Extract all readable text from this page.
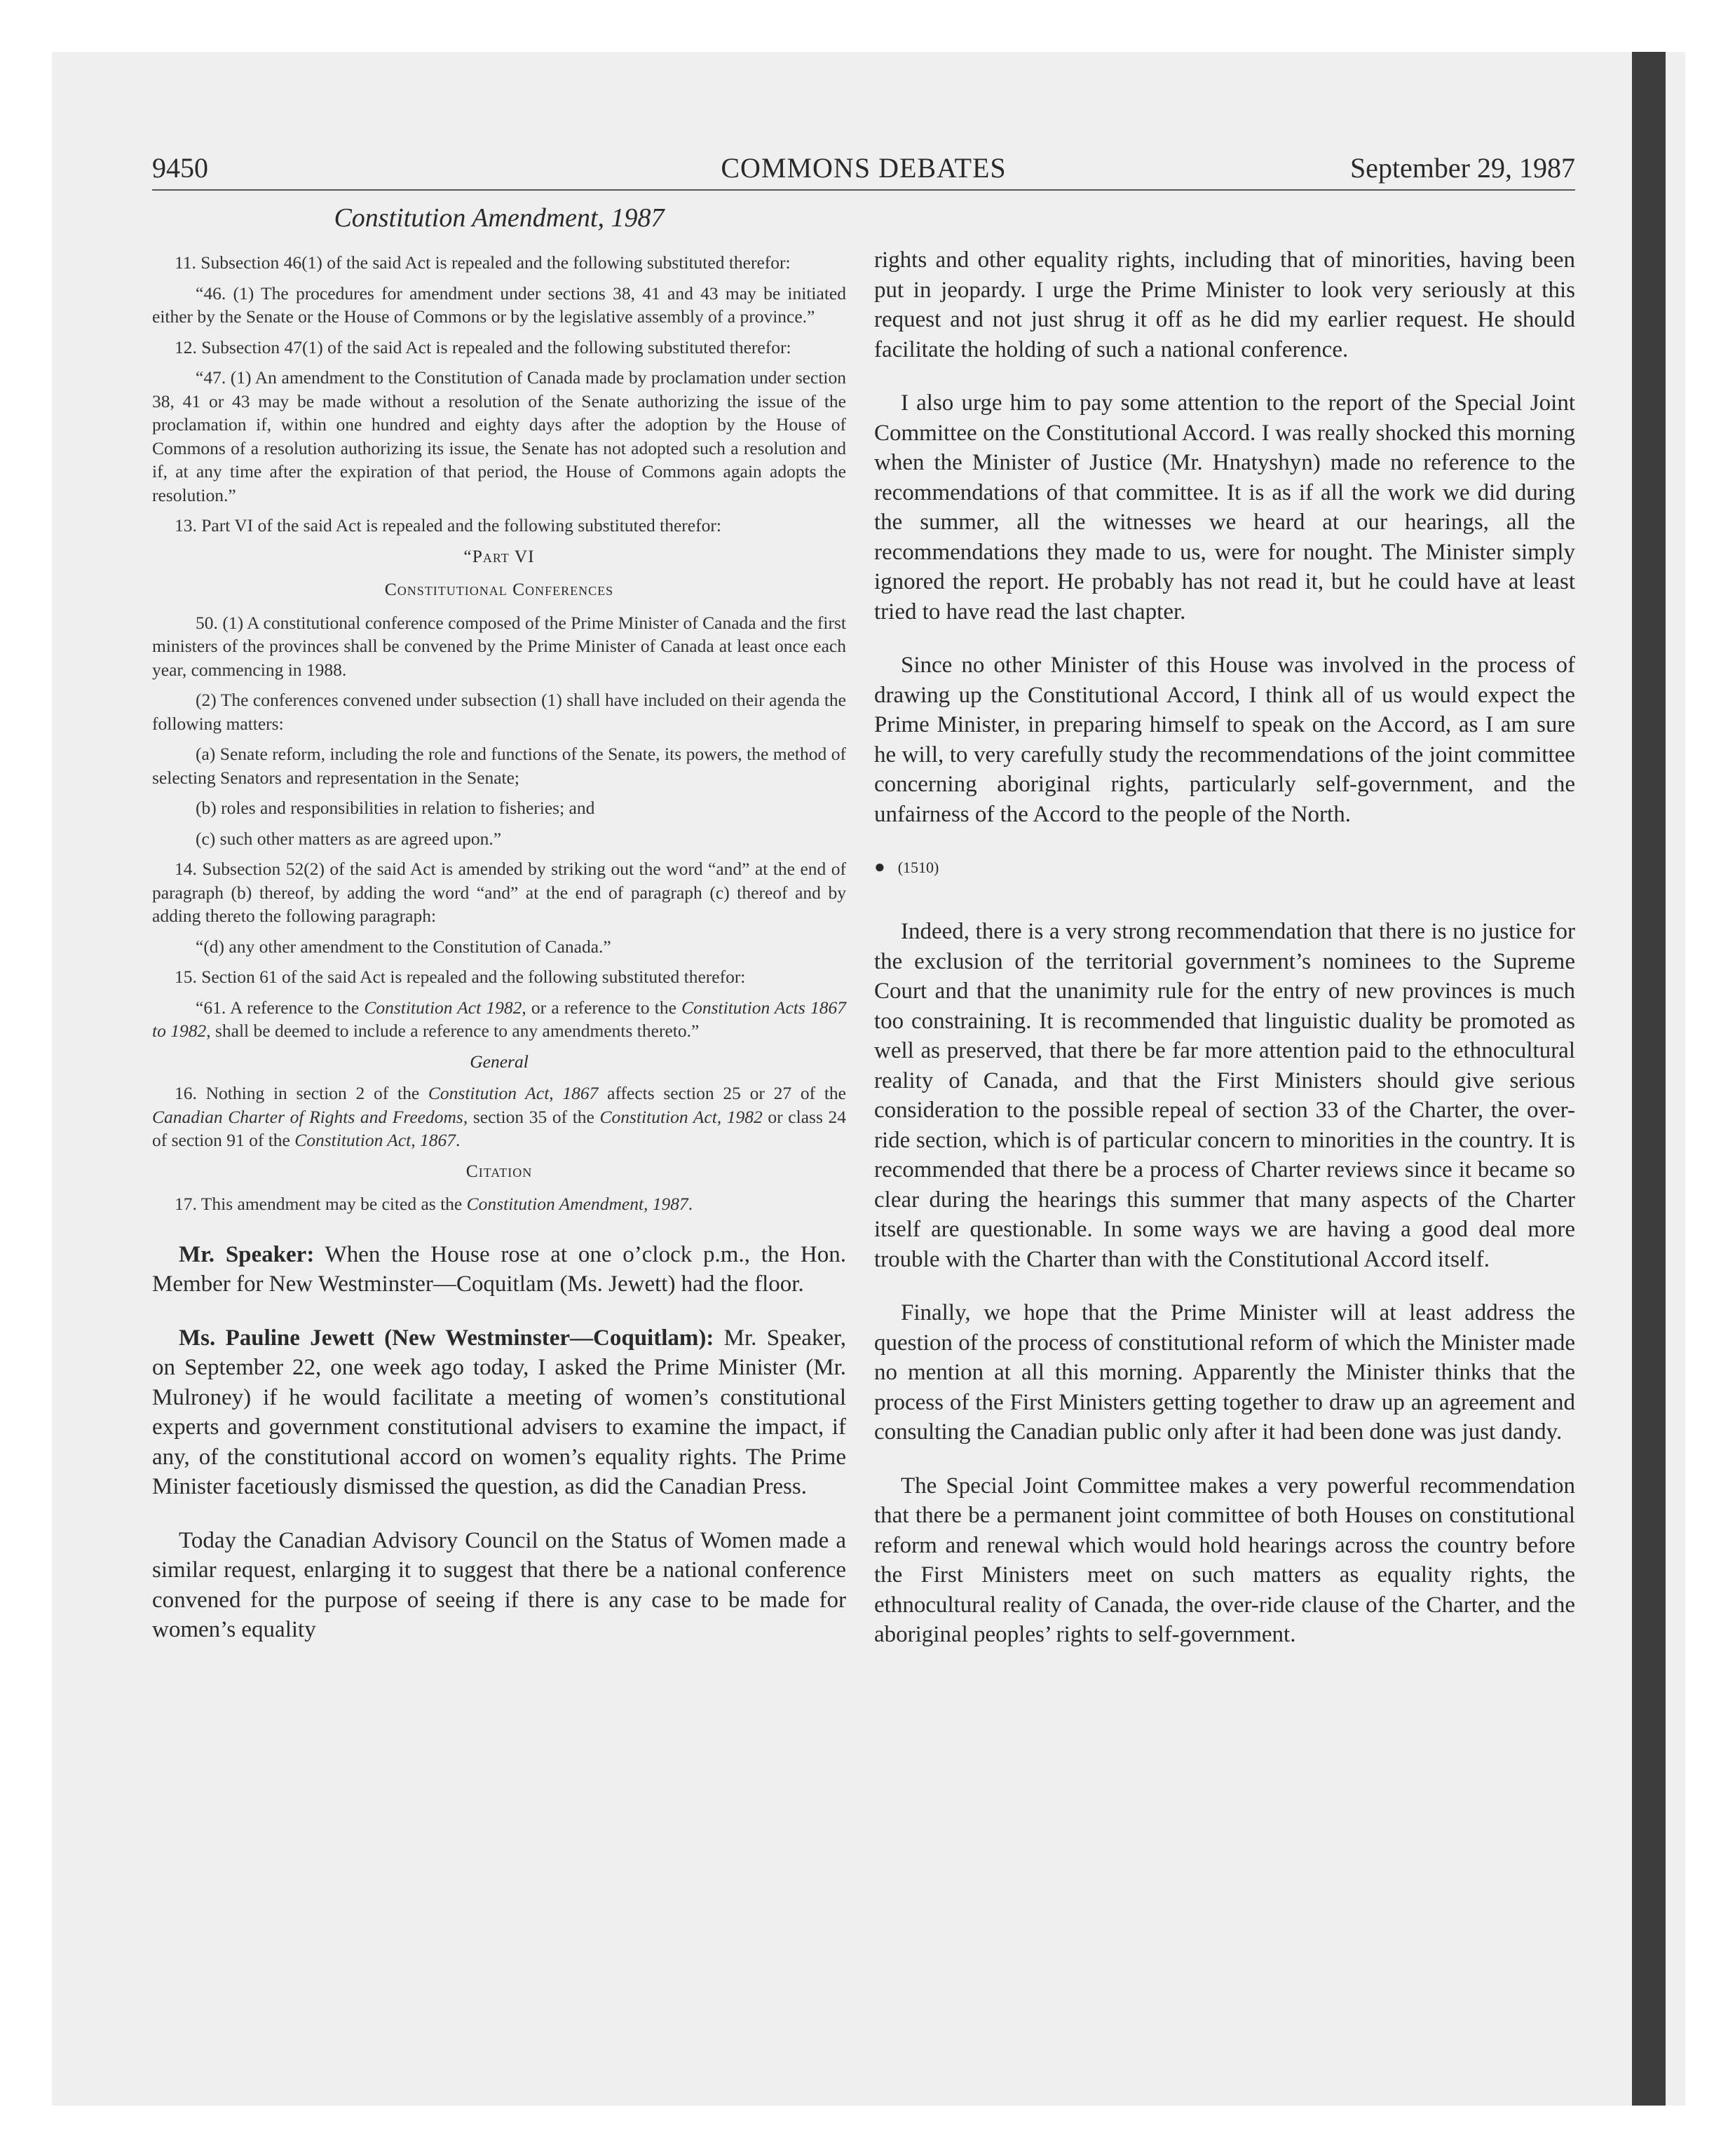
COMMONS DEBATES
9450	September 29, 1987

Constitution Amendment, 1987

11. Subsection 46(1) of the said Act is repealed and the following substituted therefor:

“46. (1) The procedures for amendment under sections 38, 41 and 43 may be initiated either by the Senate or the House of Commons or by the legislative assembly of a province.”

12. Subsection 47(1) of the said Act is repealed and the following substituted therefor:

“47. (1) An amendment to the Constitution of Canada made by proclamation under section 38, 41 or 43 may be made without a resolution of the Senate authorizing the issue of the proclamation if, within one hundred and eighty days after the adoption by the House of Commons of a resolution authorizing its issue, the Senate has not adopted such a resolution and if, at any time after the expiration of that period, the House of Commons again adopts the resolution.”

13. Part VI of the said Act is repealed and the following substituted therefor:

“Part VI

Constitutional Conferences

50. (1) A constitutional conference composed of the Prime Minister of Canada and the first ministers of the provinces shall be convened by the Prime Minister of Canada at least once each year, commencing in 1988.

(2) The conferences convened under subsection (1) shall have included on their agenda the following matters:

(a) Senate reform, including the role and functions of the Senate, its powers, the method of selecting Senators and representation in the Senate;

(b) roles and responsibilities in relation to fisheries; and

(c) such other matters as are agreed upon.”

14. Subsection 52(2) of the said Act is amended by striking out the word “and” at the end of paragraph (b) thereof, by adding the word “and” at the end of paragraph (c) thereof and by adding thereto the following paragraph:

“(d) any other amendment to the Constitution of Canada.”

15. Section 61 of the said Act is repealed and the following substituted therefor:

“61. A reference to the Constitution Act 1982, or a reference to the Constitution Acts 1867 to 1982, shall be deemed to include a reference to any amendments thereto.”

General

16. Nothing in section 2 of the Constitution Act, 1867 affects section 25 or 27 of the Canadian Charter of Rights and Freedoms, section 35 of the Constitution Act, 1982 or class 24 of section 91 of the Constitution Act, 1867.

Citation

17. This amendment may be cited as the Constitution Amendment, 1987.

Mr. Speaker: When the House rose at one o’clock p.m., the Hon. Member for New Westminster—Coquitlam (Ms. Jewett) had the floor.

Ms. Pauline Jewett (New Westminster—Coquitlam): Mr. Speaker, on September 22, one week ago today, I asked the Prime Minister (Mr. Mulroney) if he would facilitate a meeting of women’s constitutional experts and government constitutional advisers to examine the impact, if any, of the constitutional accord on women’s equality rights. The Prime Minister facetiously dismissed the question, as did the Canadian Press.

Today the Canadian Advisory Council on the Status of Women made a similar request, enlarging it to suggest that there be a national conference convened for the purpose of seeing if there is any case to be made for women’s equality

rights and other equality rights, including that of minorities, having been put in jeopardy. I urge the Prime Minister to look very seriously at this request and not just shrug it off as he did my earlier request. He should facilitate the holding of such a national conference.

I also urge him to pay some attention to the report of the Special Joint Committee on the Constitutional Accord. I was really shocked this morning when the Minister of Justice (Mr. Hnatyshyn) made no reference to the recommendations of that committee. It is as if all the work we did during the summer, all the witnesses we heard at our hearings, all the recommendations they made to us, were for nought. The Minister simply ignored the report. He probably has not read it, but he could have at least tried to have read the last chapter.

Since no other Minister of this House was involved in the process of drawing up the Constitutional Accord, I think all of us would expect the Prime Minister, in preparing himself to speak on the Accord, as I am sure he will, to very carefully study the recommendations of the joint committee concerning aboriginal rights, particularly self-government, and the unfairness of the Accord to the people of the North.

● (1510)

Indeed, there is a very strong recommendation that there is no justice for the exclusion of the territorial government’s nominees to the Supreme Court and that the unanimity rule for the entry of new provinces is much too constraining. It is recommended that linguistic duality be promoted as well as preserved, that there be far more attention paid to the ethnocultural reality of Canada, and that the First Ministers should give serious consideration to the possible repeal of section 33 of the Charter, the over-ride section, which is of particular concern to minorities in the country. It is recommended that there be a process of Charter reviews since it became so clear during the hearings this summer that many aspects of the Charter itself are questionable. In some ways we are having a good deal more trouble with the Charter than with the Constitutional Accord itself.

Finally, we hope that the Prime Minister will at least address the question of the process of constitutional reform of which the Minister made no mention at all this morning. Apparently the Minister thinks that the process of the First Ministers getting together to draw up an agreement and consulting the Canadian public only after it had been done was just dandy.

The Special Joint Committee makes a very powerful recommendation that there be a permanent joint committee of both Houses on constitutional reform and renewal which would hold hearings across the country before the First Ministers meet on such matters as equality rights, the ethnocultural reality of Canada, the over-ride clause of the Charter, and the aboriginal peoples’ rights to self-government.
